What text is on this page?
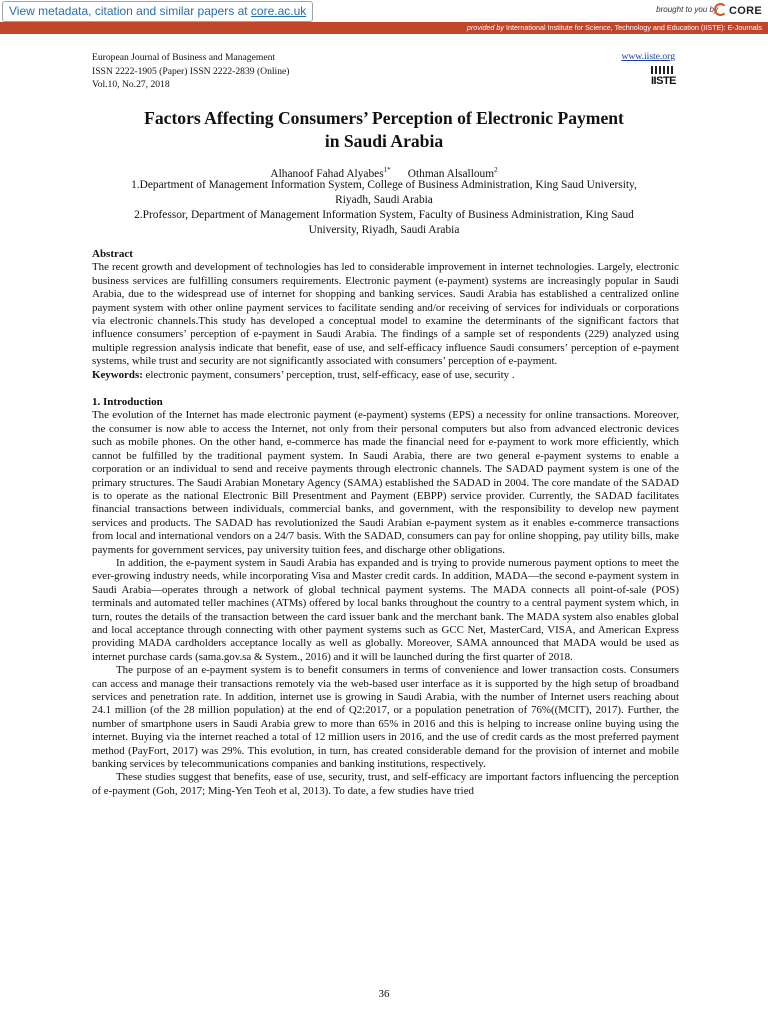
View metadata, citation and similar papers at core.ac.uk	brought to you by	CORE
provided by International Institute for Science, Technology and Education (IISTE): E-Journals
European Journal of Business and Management
ISSN 2222-1905 (Paper) ISSN 2222-2839 (Online)
Vol.10, No.27, 2018
www.iiste.org
IISTE
Factors Affecting Consumers’ Perception of Electronic Payment
in Saudi Arabia
Alhanoof Fahad Alyabes$^{1*}$ Othman Alsalloum$^2$
1.Department of Management Information System, College of Business Administration, King Saud University,
Riyadh, Saudi Arabia
2.Professor, Department of Management Information System, Faculty of Business Administration, King Saud
University, Riyadh, Saudi Arabia
Abstract

The recent growth and development of technologies has led to considerable improvement in internet technologies. Largely, electronic business services are fulfilling consumers requirements. Electronic payment (e-payment) systems are increasingly popular in Saudi Arabia, due to the widespread use of internet for shopping and banking services. Saudi Arabia has established a centralized online payment system with other online payment services to facilitate sending and/or receiving of services for individuals or corporations via electronic channels.This study has developed a conceptual model to examine the determinants of the significant factors that influence consumers’ perception of e-payment in Saudi Arabia. The findings of a sample set of respondents (229) analyzed using multiple regression analysis indicate that benefit, ease of use, and self-efficacy influence Saudi consumers’ perception of e-payment systems, while trust and security are not significantly associated with consumers’ perception of e-payment.

Keywords: electronic payment, consumers’ perception, trust, self-efficacy, ease of use, security .

1. Introduction

The evolution of the Internet has made electronic payment (e-payment) systems (EPS) a necessity for online transactions. Moreover, the consumer is now able to access the Internet, not only from their personal computers but also from advanced electronic devices such as mobile phones. On the other hand, e-commerce has made the financial need for e-payment to work more efficiently, which cannot be fulfilled by the traditional payment system. In Saudi Arabia, there are two general e-payment systems to enable a corporation or an individual to send and receive payments through electronic channels. The SADAD payment system is one of the primary structures. The Saudi Arabian Monetary Agency (SAMA) established the SADAD in 2004. The core mandate of the SADAD is to operate as the national Electronic Bill Presentment and Payment (EBPP) service provider. Currently, the SADAD facilitates financial transactions between individuals, commercial banks, and government, with the responsibility to develop new payment services and products. The SADAD has revolutionized the Saudi Arabian e-payment system as it enables e-commerce transactions from local and international vendors on a 24/7 basis. With the SADAD, consumers can pay for online shopping, pay utility bills, make payments for government services, pay university tuition fees, and discharge other obligations.

In addition, the e-payment system in Saudi Arabia has expanded and is trying to provide numerous payment options to meet the ever-growing industry needs, while incorporating Visa and Master credit cards. In addition, MADA—the second e-payment system in Saudi Arabia—operates through a network of global technical payment systems. The MADA connects all point-of-sale (POS) terminals and automated teller machines (ATMs) offered by local banks throughout the country to a central payment system which, in turn, routes the details of the transaction between the card issuer bank and the merchant bank. The MADA system also enables global and local acceptance through connecting with other payment systems such as GCC Net, MasterCard, VISA, and American Express providing MADA cardholders acceptance locally as well as globally. Moreover, SAMA announced that MADA would be used as internet purchase cards (sama.gov.sa & System., 2016) and it will be launched during the first quarter of 2018.

The purpose of an e-payment system is to benefit consumers in terms of convenience and lower transaction costs. Consumers can access and manage their transactions remotely via the web-based user interface as it is supported by the high setup of broadband services and penetration rate. In addition, internet use is growing in Saudi Arabia, with the number of Internet users reaching about 24.1 million (of the 28 million population) at the end of Q2:2017, or a population penetration of 76%((MCIT), 2017). Further, the number of smartphone users in Saudi Arabia grew to more than 65% in 2016 and this is helping to increase online buying using the internet. Buying via the internet reached a total of 12 million users in 2016, and the use of credit cards as the most preferred payment method (PayFort, 2017) was 29%. This evolution, in turn, has created considerable demand for the provision of internet and mobile banking services by telecommunications companies and banking institutions, respectively.

These studies suggest that benefits, ease of use, security, trust, and self-efficacy are important factors influencing the perception of e-payment (Goh, 2017; Ming-Yen Teoh et al, 2013). To date, a few studies have tried

36
